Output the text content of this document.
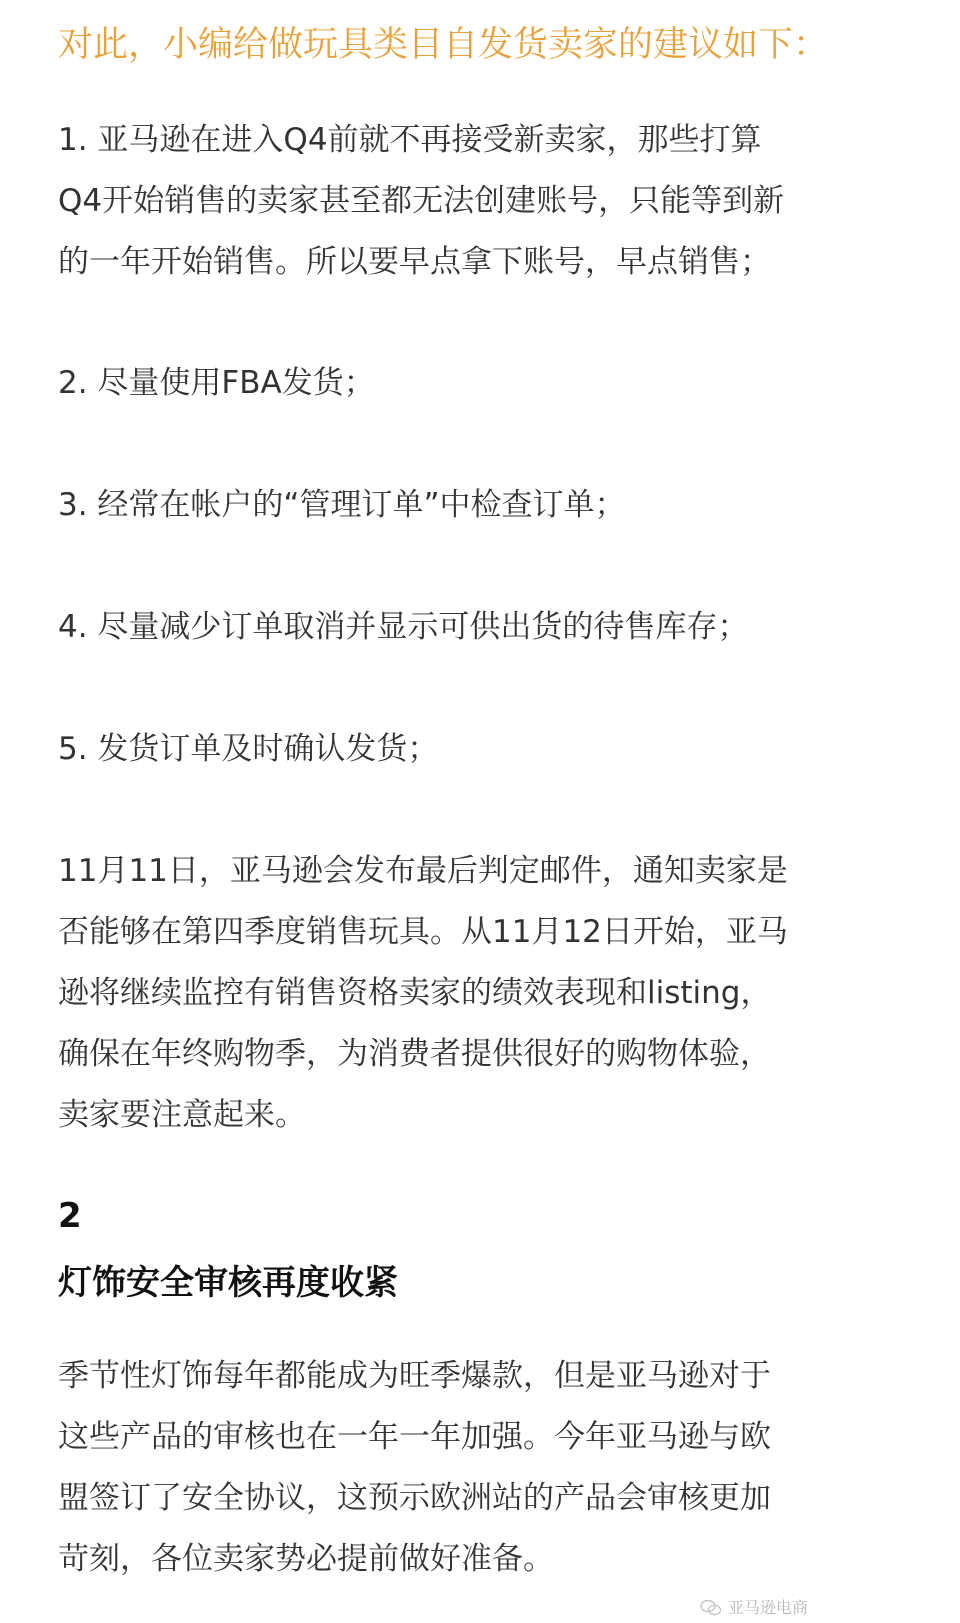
对此，小编给做玩具类目自发货卖家的建议如下：
1. 亚马逊在进入Q4前就不再接受新卖家，那些打算
Q4开始销售的卖家甚至都无法创建账号，只能等到新
的一年开始销售。所以要早点拿下账号，早点销售；
2. 尽量使用FBA发货；
3. 经常在帐户的“管理订单”中检查订单；
4. 尽量减少订单取消并显示可供出货的待售库存；
5. 发货订单及时确认发货；
11月11日，亚马逊会发布最后判定邮件，通知卖家是
否能够在第四季度销售玩具。从11月12日开始，亚马
逊将继续监控有销售资格卖家的绩效表现和listing，
确保在年终购物季，为消费者提供很好的购物体验，
卖家要注意起来。
2
灯饰安全审核再度收紧
季节性灯饰每年都能成为旺季爆款，但是亚马逊对于
这些产品的审核也在一年一年加强。今年亚马逊与欧
盟签订了安全协议，这预示欧洲站的产品会审核更加
苛刻，各位卖家势必提前做好准备。
亚马逊电商
